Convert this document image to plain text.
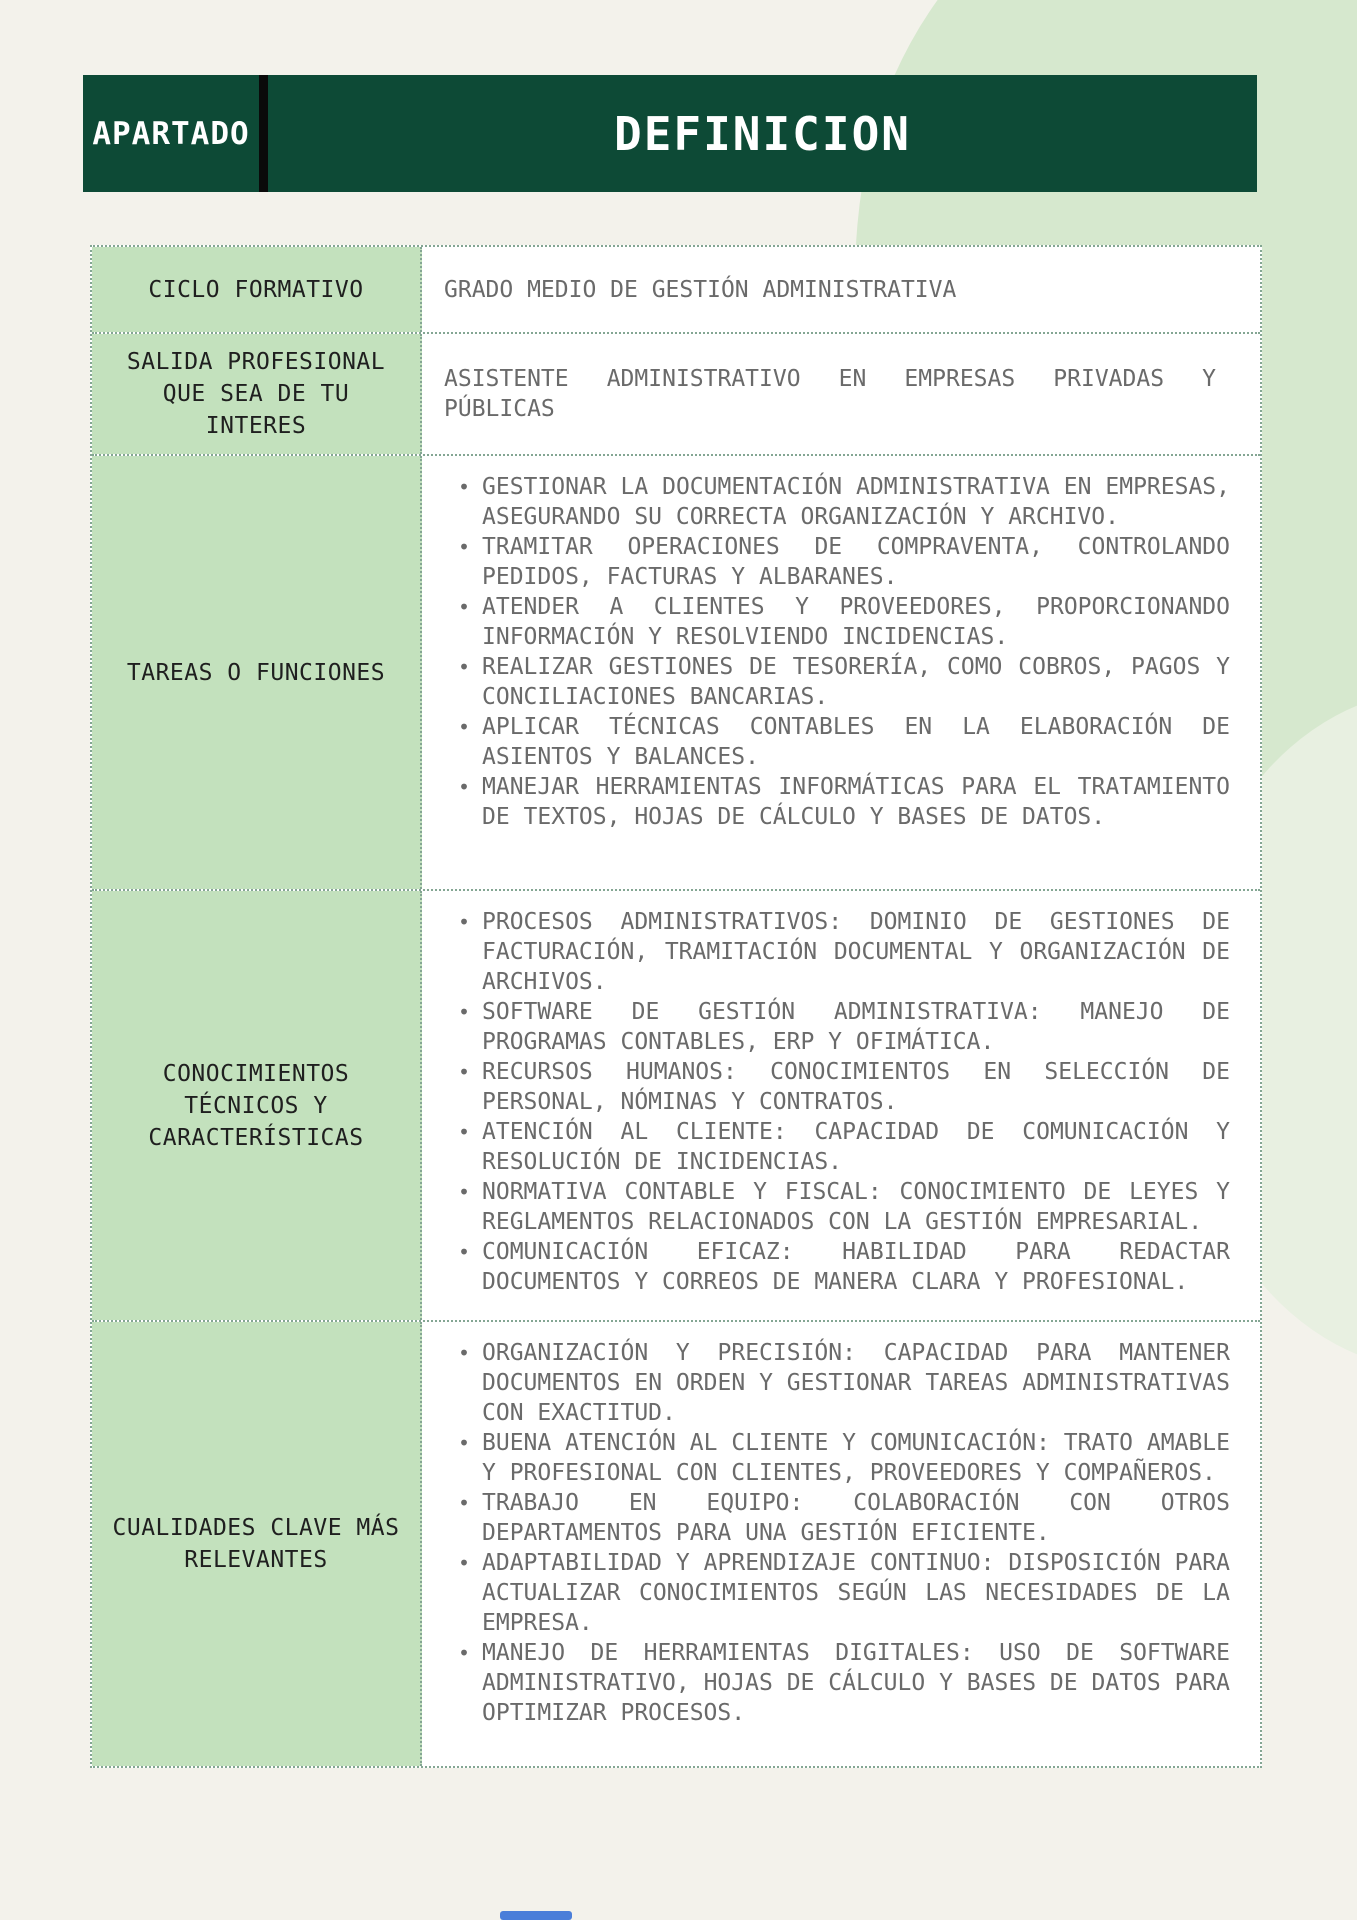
APARTADO	DEFINICION
CICLO FORMATIVO	GRADO MEDIO DE GESTIÓN ADMINISTRATIVA

SALIDA PROFESIONAL QUE SEA DE TU INTERES

ASISTENTE ADMINISTRATIVO EN EMPRESAS PRIVADAS Y PÚBLICAS

TAREAS O FUNCIONES
• GESTIONAR LA DOCUMENTACIÓN ADMINISTRATIVA EN EMPRESAS, ASEGURANDO SU CORRECTA ORGANIZACIÓN Y ARCHIVO.
• TRAMITAR OPERACIONES DE COMPRAVENTA, CONTROLANDO PEDIDOS, FACTURAS Y ALBARANES.
• ATENDER A CLIENTES Y PROVEEDORES, PROPORCIONANDO INFORMACIÓN Y RESOLVIENDO INCIDENCIAS.
• REALIZAR GESTIONES DE TESORERÍA, COMO COBROS, PAGOS Y CONCILIACIONES BANCARIAS.
• APLICAR TÉCNICAS CONTABLES EN LA ELABORACIÓN DE ASIENTOS Y BALANCES.
• MANEJAR HERRAMIENTAS INFORMÁTICAS PARA EL TRATAMIENTO DE TEXTOS, HOJAS DE CÁLCULO Y BASES DE DATOS.
CONOCIMIENTOS TÉCNICOS Y CARACTERÍSTICAS
• PROCESOS ADMINISTRATIVOS: DOMINIO DE GESTIONES DE FACTURACIÓN, TRAMITACIÓN DOCUMENTAL Y ORGANIZACIÓN DE ARCHIVOS.
• SOFTWARE DE GESTIÓN ADMINISTRATIVA: MANEJO DE PROGRAMAS CONTABLES, ERP Y OFIMÁTICA.
• RECURSOS HUMANOS: CONOCIMIENTOS EN SELECCIÓN DE PERSONAL, NÓMINAS Y CONTRATOS.
• ATENCIÓN AL CLIENTE: CAPACIDAD DE COMUNICACIÓN Y RESOLUCIÓN DE INCIDENCIAS.
• NORMATIVA CONTABLE Y FISCAL: CONOCIMIENTO DE LEYES Y REGLAMENTOS RELACIONADOS CON LA GESTIÓN EMPRESARIAL.
• COMUNICACIÓN EFICAZ: HABILIDAD PARA REDACTAR DOCUMENTOS Y CORREOS DE MANERA CLARA Y PROFESIONAL.
CUALIDADES CLAVE MÁS RELEVANTES
• ORGANIZACIÓN Y PRECISIÓN: CAPACIDAD PARA MANTENER DOCUMENTOS EN ORDEN Y GESTIONAR TAREAS ADMINISTRATIVAS CON EXACTITUD.
• BUENA ATENCIÓN AL CLIENTE Y COMUNICACIÓN: TRATO AMABLE Y PROFESIONAL CON CLIENTES, PROVEEDORES Y COMPAÑEROS.
• TRABAJO EN EQUIPO: COLABORACIÓN CON OTROS DEPARTAMENTOS PARA UNA GESTIÓN EFICIENTE.
• ADAPTABILIDAD Y APRENDIZAJE CONTINUO: DISPOSICIÓN PARA ACTUALIZAR CONOCIMIENTOS SEGÚN LAS NECESIDADES DE LA EMPRESA.
• MANEJO DE HERRAMIENTAS DIGITALES: USO DE SOFTWARE ADMINISTRATIVO, HOJAS DE CÁLCULO Y BASES DE DATOS PARA OPTIMIZAR PROCESOS.
